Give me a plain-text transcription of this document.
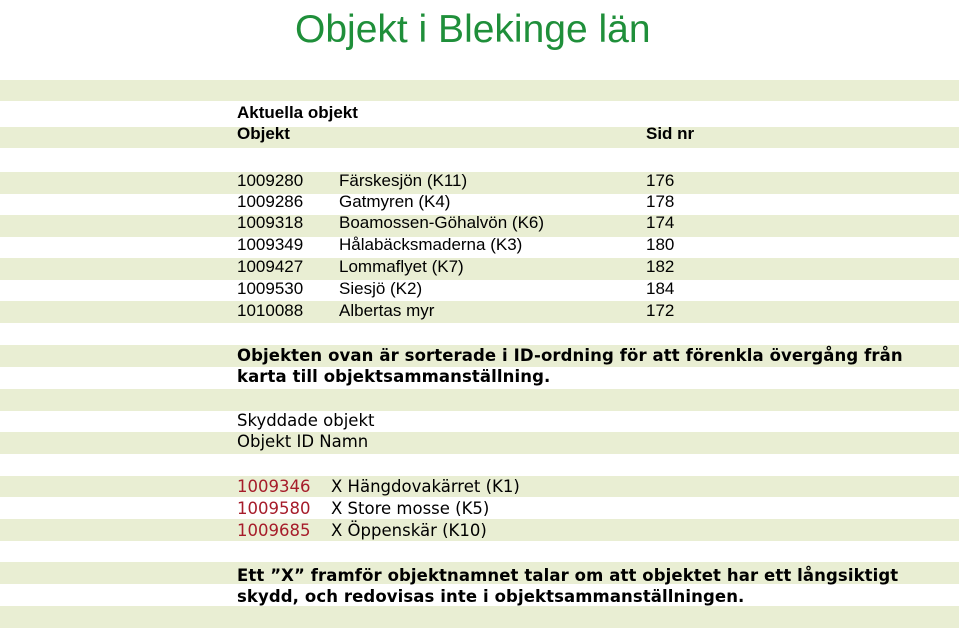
Objekt i Blekinge län
Aktuella objekt
Objekt	Sid nr
1009280 Färskesjön (K11)	176
1009286 Gatmyren (K4)	178
1009318 Boamossen-Göhalvön (K6)	174
1009349 Hålabäcksmaderna (K3)	180
1009427 Lommaflyet (K7)	182
1009530 Siesjö (K2)	184
1010088 Albertas myr	172
Objekten ovan är sorterade i ID-ordning för att förenkla övergång från
karta till objektsammanställning.
Skyddade objekt
Objekt ID Namn
1009346 X Hängdovakärret (K1)
1009580 X Store mosse (K5)
1009685 X Öppenskär (K10)
Ett ”X” framför objektnamnet talar om att objektet har ett långsiktigt
skydd, och redovisas inte i objektsammanställningen.
